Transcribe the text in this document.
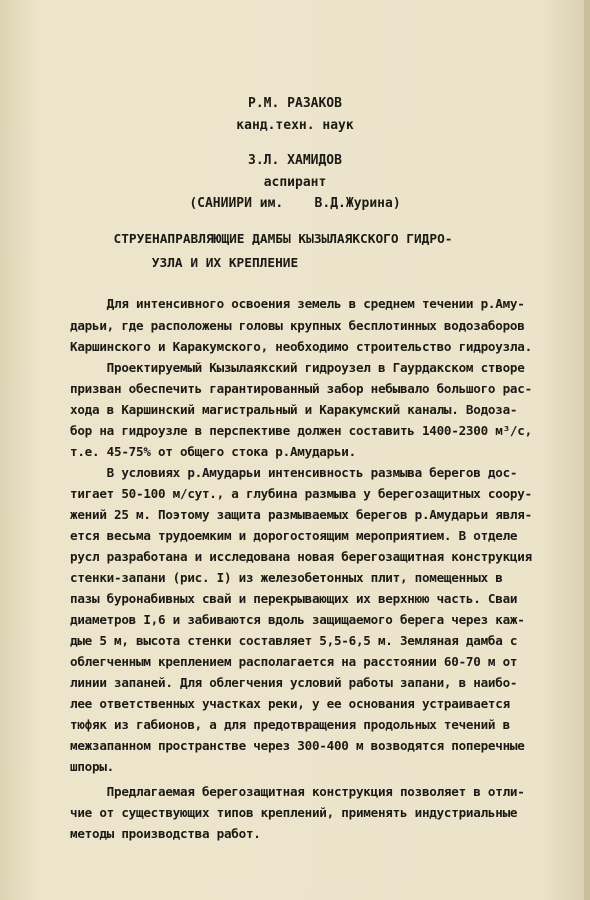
Р.М. РАЗАКОВ
канд.техн. наук
З.Л. ХАМИДОВ
аспирант
(САНИИРИ им.    В.Д.Журина)
СТРУЕНАПРАВЛЯЮЩИЕ ДАМБЫ КЫЗЫЛАЯКСКОГО ГИДРО-
УЗЛА И ИХ КРЕПЛЕНИЕ
Для интенсивного освоения земель в среднем течении р.Аму-
дарьи, где расположены головы крупных бесплотинных водозаборов
Каршинского и Каракумского, необходимо строительство гидроузла.
Проектируемый Кызылаякский гидроузел в Гаурдакском створе
призван обеспечить гарантированный забор небывало большого рас-
хода в Каршинский магистральный и Каракумский каналы. Водоза-
бор на гидроузле в перспективе должен составить 1400-2300 м³/с,
т.е. 45-75% от общего стока р.Амударьи.
В условиях р.Амударьи интенсивность размыва берегов дос-
тигает 50-100 м/сут., а глубина размыва у берегозащитных соору-
жений 25 м. Поэтому защита размываемых берегов р.Амударьи явля-
ется весьма трудоемким и дорогостоящим мероприятием. В отделе
русл разработана и исследована новая берегозащитная конструкция
стенки-запани (рис. I) из железобетонных плит, помещенных в
пазы буронабивных свай и перекрывающих их верхнюю часть. Сваи
диаметров I,6 и забиваются вдоль защищаемого берега через каж-
дые 5 м, высота стенки составляет 5,5-6,5 м. Земляная дамба с
облегченным креплением располагается на расстоянии 60-70 м от
линии запаней. Для облегчения условий работы запани, в наибо-
лее ответственных участках реки, у ее основания устраивается
тюфяк из габионов, а для предотвращения продольных течений в
межзапанном пространстве через 300-400 м возводятся поперечные
шпоры.
Предлагаемая берегозащитная конструкция позволяет в отли-
чие от существующих типов креплений, применять индустриальные
методы производства работ.
